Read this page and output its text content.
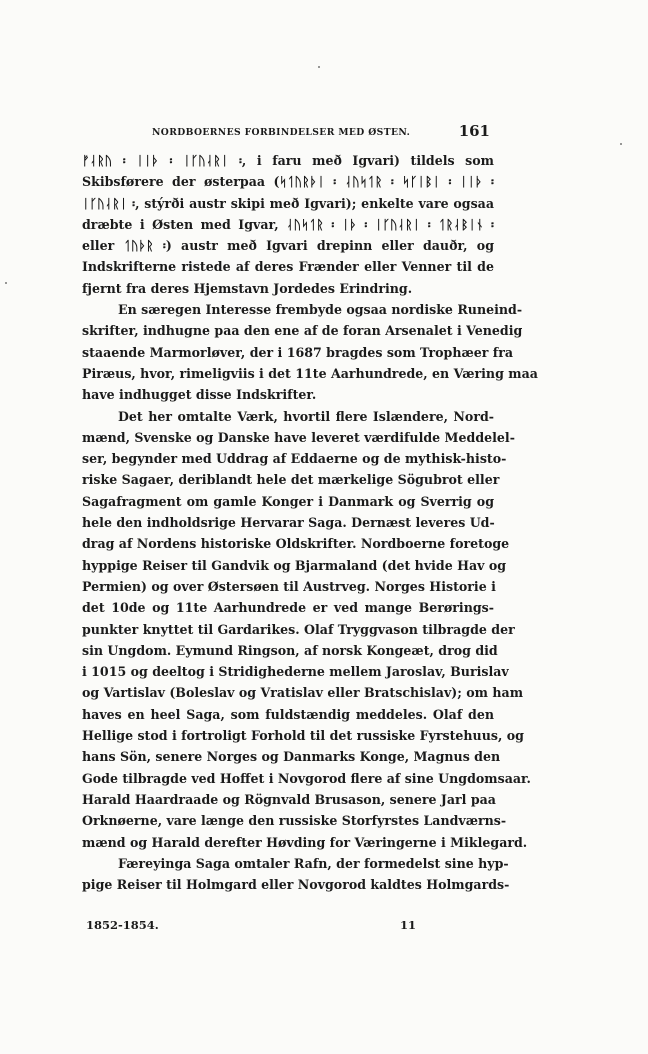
NORDBOERNES FORBINDELSER MED ØSTEN.	161
ᚠᛆᚱᚢ ፡ ᛁᛁᚦ ፡ ᛁᚴᚢᛆᚱᛁ ፡, i faru með Igvari) tildels som
Skibsførere der østerpaa (ᛋᛐᚢᚱᚦᛁ ፡ ᛆᚢᛋᛐᚱ ፡ ᛋᚴᛁᛒᛁ ፡ ᛁᛁᚦ ፡
ᛁᚴᚢᛆᚱᛁ ፡, stýrði austr skipi með Igvari); enkelte vare ogsaa
dræbte i Østen med Igvar, ᛆᚢᛋᛐᚱ ፡ ᛁᚦ ፡ ᛁᚴᚢᛆᚱᛁ ፡ ᛐᚱᛆᛒᛁᚾ ፡
eller ᛐᚢᚦᚱ ፡) austr með Igvari drepinn eller dauðr, og
Indskrifterne ristede af deres Frænder eller Venner til de
fjernt fra deres Hjemstavn Jordedes Erindring.
En særegen Interesse frembyde ogsaa nordiske Runeind-
skrifter, indhugne paa den ene af de foran Arsenalet i Venedig
staaende Marmorløver, der i 1687 bragdes som Trophæer fra
Piræus, hvor, rimeligviis i det 11te Aarhundrede, en Væring maa
have indhugget disse Indskrifter.
Det her omtalte Værk, hvortil flere Islændere, Nord-
mænd, Svenske og Danske have leveret værdifulde Meddelel-
ser, begynder med Uddrag af Eddaerne og de mythisk-histo-
riske Sagaer, deriblandt hele det mærkelige Sögubrot eller
Sagafragment om gamle Konger i Danmark og Sverrig og
hele den indholdsrige Hervarar Saga. Dernæst leveres Ud-
drag af Nordens historiske Oldskrifter. Nordboerne foretoge
hyppige Reiser til Gandvik og Bjarmaland (det hvide Hav og
Permien) og over Østersøen til Austrveg. Norges Historie i
det 10de og 11te Aarhundrede er ved mange Berørings-
punkter knyttet til Gardarikes. Olaf Tryggvason tilbragde der
sin Ungdom. Eymund Ringson, af norsk Kongeæt, drog did
i 1015 og deeltog i Stridighederne mellem Jaroslav, Burislav
og Vartislav (Boleslav og Vratislav eller Bratschislav); om ham
haves en heel Saga, som fuldstændig meddeles. Olaf den
Hellige stod i fortroligt Forhold til det russiske Fyrstehuus, og
hans Sön, senere Norges og Danmarks Konge, Magnus den
Gode tilbragde ved Hoffet i Novgorod flere af sine Ungdomsaar.
Harald Haardraade og Rögnvald Brusason, senere Jarl paa
Orknøerne, vare længe den russiske Storfyrstes Landværns-
mænd og Harald derefter Høvding for Væringerne i Miklegard.
Færeyinga Saga omtaler Rafn, der formedelst sine hyp-
pige Reiser til Holmgard eller Novgorod kaldtes Holmgards-
1852-1854.	11
